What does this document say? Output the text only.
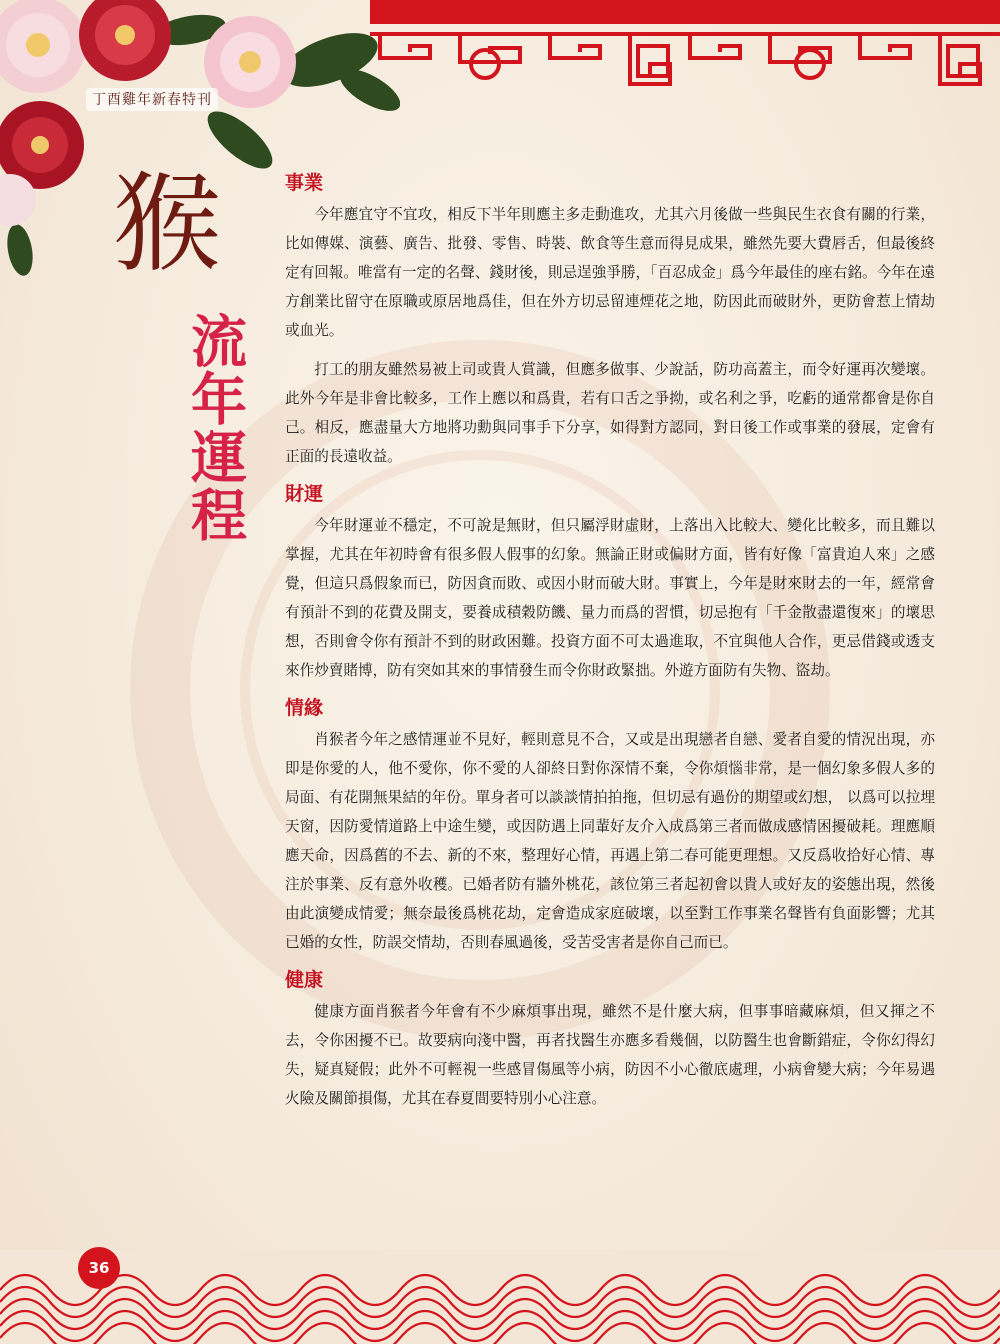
丁酉雞年新春特刊
猴
流年運程
事業

今年應宜守不宜攻，相反下半年則應主多走動進攻，尤其六月後做一些與民生衣食有關的行業，比如傳媒、演藝、廣告、批發、零售、時裝、飲食等生意而得見成果，雖然先要大費唇舌，但最後終定有回報。唯當有一定的名聲、錢財後，則忌逞強爭勝，「百忍成金」爲今年最佳的座右銘。今年在遠方創業比留守在原職或原居地爲佳，但在外方切忌留連煙花之地，防因此而破財外，更防會惹上情劫或血光。

打工的朋友雖然易被上司或貴人賞識，但應多做事、少說話，防功高蓋主，而令好運再次變壞。此外今年是非會比較多，工作上應以和爲貴，若有口舌之爭拗，或名利之爭，吃虧的通常都會是你自己。相反，應盡量大方地將功勳與同事手下分享，如得對方認同，對日後工作或事業的發展，定會有正面的長遠收益。

財運

今年財運並不穩定，不可說是無財，但只屬浮財虛財，上落出入比較大、變化比較多，而且難以掌握，尤其在年初時會有很多假人假事的幻象。無論正財或偏財方面，皆有好像「富貴迫人來」之感覺，但這只爲假象而已，防因貪而敗、或因小財而破大財。事實上，今年是財來財去的一年，經常會有預計不到的花費及開支，要養成積穀防饑、量力而爲的習慣，切忌抱有「千金散盡還復來」的壞思想，否則會令你有預計不到的財政困難。投資方面不可太過進取，不宜與他人合作，更忌借錢或透支來作炒賣賭博，防有突如其來的事情發生而令你財政緊拙。外遊方面防有失物、盜劫。

情緣

肖猴者今年之感情運並不見好，輕則意見不合，又或是出現戀者自戀、愛者自愛的情況出現，亦即是你愛的人，他不愛你，你不愛的人卻終日對你深情不棄，令你煩惱非常，是一個幻象多假人多的局面、有花開無果結的年份。單身者可以談談情拍拍拖，但切忌有過份的期望或幻想， 以爲可以拉埋天窗，因防愛情道路上中途生變，或因防遇上同輩好友介入成爲第三者而做成感情困擾破耗。理應順應天命，因爲舊的不去、新的不來，整理好心情，再遇上第二春可能更理想。又反爲收拾好心情、專注於事業、反有意外收穫。已婚者防有牆外桃花，該位第三者起初會以貴人或好友的姿態出現，然後由此演變成情愛；無奈最後爲桃花劫，定會造成家庭破壞，以至對工作事業名聲皆有負面影響；尤其已婚的女性，防誤交情劫，否則春風過後，受苦受害者是你自己而已。

健康

健康方面肖猴者今年會有不少麻煩事出現，雖然不是什麼大病，但事事暗藏麻煩，但又揮之不去，令你困擾不已。故要病向淺中醫，再者找醫生亦應多看幾個，以防醫生也會斷錯症，令你幻得幻失，疑真疑假；此外不可輕視一些感冒傷風等小病，防因不小心徹底處理，小病會變大病；今年易遇火險及關節損傷，尤其在春夏間要特別小心注意。

36
